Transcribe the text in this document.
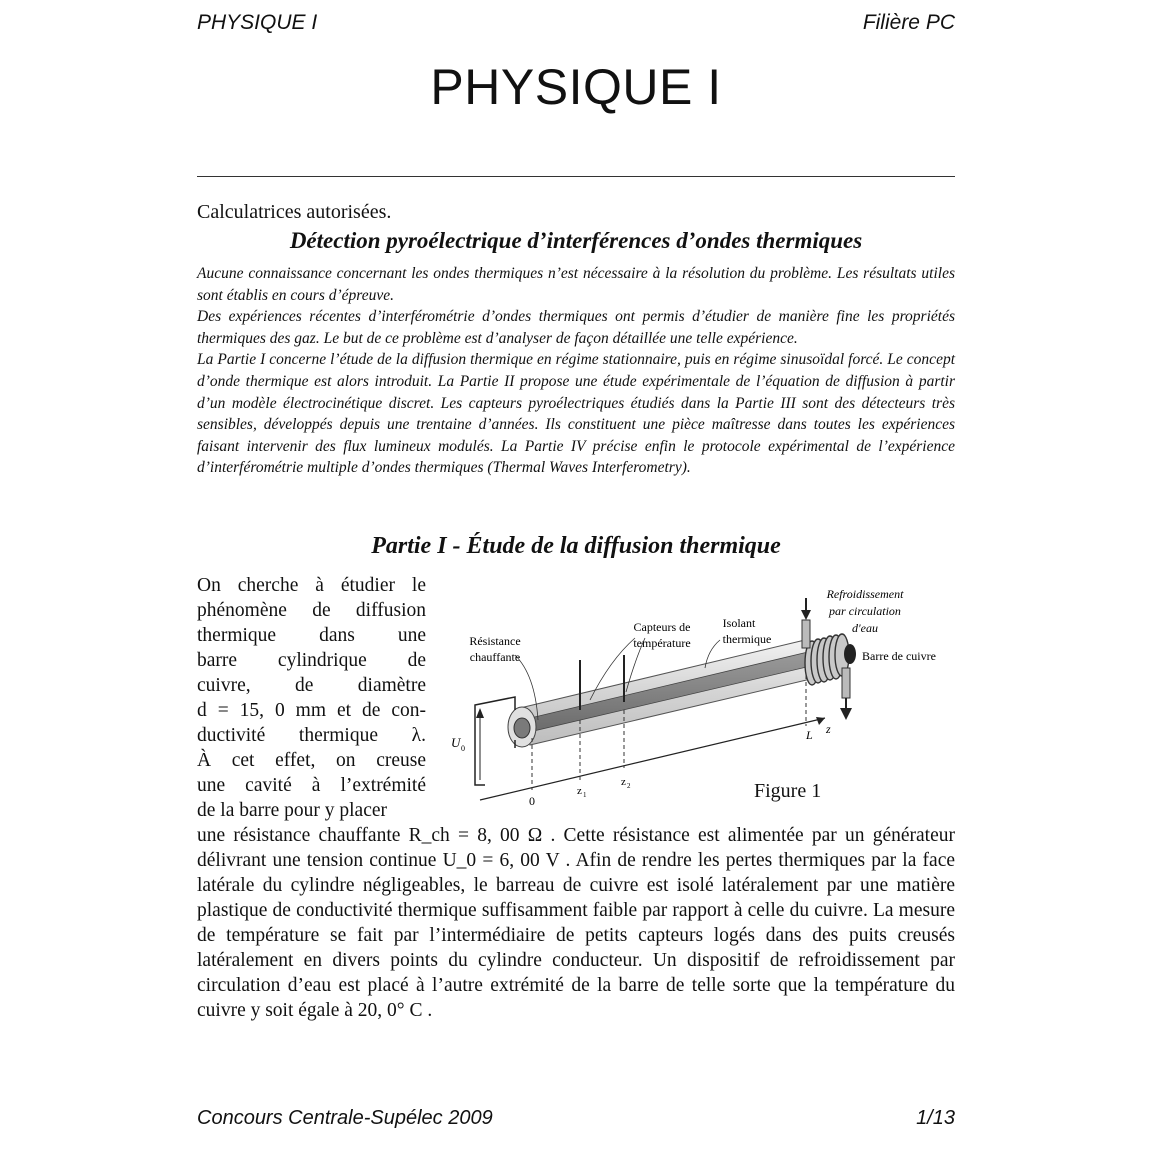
PHYSIQUE I	Filière PC
PHYSIQUE I
Calculatrices autorisées.
Détection pyroélectrique d’interférences d’ondes thermiques

Aucune connaissance concernant les ondes thermiques n’est nécessaire à la résolution du problème. Les résultats utiles sont établis en cours d’épreuve.

Des expériences récentes d’interférométrie d’ondes thermiques ont permis d’étudier de manière fine les propriétés thermiques des gaz. Le but de ce problème est d’analyser de façon détaillée une telle expérience.

La Partie I concerne l’étude de la diffusion thermique en régime stationnaire, puis en régime sinusoïdal forcé. Le concept d’onde thermique est alors introduit. La Partie II propose une étude expérimentale de l’équation de diffusion à partir d’un modèle électrocinétique discret. Les capteurs pyroélectriques étudiés dans la Partie III sont des détecteurs très sensibles, développés depuis une trentaine d’années. Ils constituent une pièce maîtresse dans toutes les expériences faisant intervenir des flux lumineux modulés. La Partie IV précise enfin le protocole expérimental de l’expérience d’interférométrie multiple d’ondes thermiques (Thermal Waves Interferometry).

Partie I - Étude de la diffusion thermique

On cherche à étudier le

phénomène de diffusion

thermique dans une

barre cylindrique de

cuivre, de diamètre

d = 15, 0 mm et de con-

ductivité thermique λ.

À cet effet, on creuse

une cavité à l’extrémité

de la barre pour y placer

Refroidissement
par circulation
d'eau
Résistance
chauffante
Capteurs de
température
Isolant
thermique
Barre de cuivre
U 0
0
z 1
z 2
L z
Figure 1

une résistance chauffante R_ch = 8, 00 Ω . Cette résistance est alimentée par un générateur délivrant une tension continue U_0 = 6, 00 V . Afin de rendre les pertes thermiques par la face latérale du cylindre négligeables, le barreau de cuivre est isolé latéralement par une matière plastique de conductivité thermique suffisamment faible par rapport à celle du cuivre. La mesure de température se fait par l’intermédiaire de petits capteurs logés dans des puits creusés latéralement en divers points du cylindre conducteur. Un dispositif de refroidissement par circulation d’eau est placé à l’autre extrémité de la barre de telle sorte que la température du cuivre y soit égale à 20, 0° C .

Concours Centrale-Supélec 2009	1/13
